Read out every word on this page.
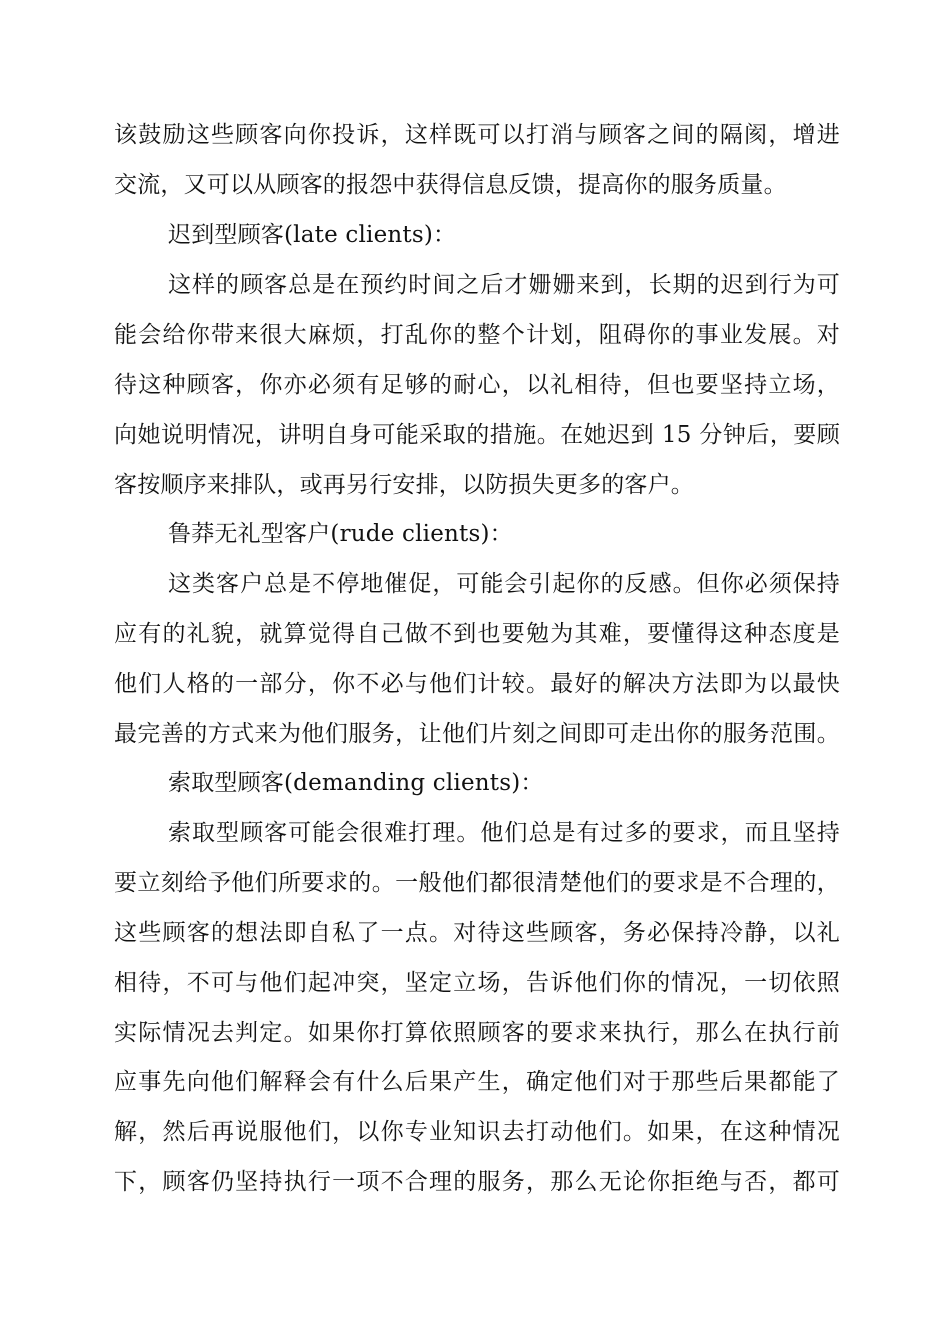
该鼓励这些顾客向你投诉，这样既可以打消与顾客之间的隔阂，增进
交流，又可以从顾客的报怨中获得信息反馈，提高你的服务质量。
迟到型顾客(late clients)：
这样的顾客总是在预约时间之后才姗姗来到，长期的迟到行为可
能会给你带来很大麻烦，打乱你的整个计划，阻碍你的事业发展。对
待这种顾客，你亦必须有足够的耐心，以礼相待，但也要坚持立场，
向她说明情况，讲明自身可能采取的措施。在她迟到 15 分钟后，要顾
客按顺序来排队，或再另行安排，以防损失更多的客户。
鲁莽无礼型客户(rude clients)：
这类客户总是不停地催促，可能会引起你的反感。但你必须保持
应有的礼貌，就算觉得自己做不到也要勉为其难，要懂得这种态度是
他们人格的一部分，你不必与他们计较。最好的解决方法即为以最快
最完善的方式来为他们服务，让他们片刻之间即可走出你的服务范围。
索取型顾客(demanding clients)：
索取型顾客可能会很难打理。他们总是有过多的要求，而且坚持
要立刻给予他们所要求的。一般他们都很清楚他们的要求是不合理的，
这些顾客的想法即自私了一点。对待这些顾客，务必保持冷静，以礼
相待，不可与他们起冲突，坚定立场，告诉他们你的情况，一切依照
实际情况去判定。如果你打算依照顾客的要求来执行，那么在执行前
应事先向他们解释会有什么后果产生，确定他们对于那些后果都能了
解，然后再说服他们，以你专业知识去打动他们。如果，在这种情况
下，顾客仍坚持执行一项不合理的服务，那么无论你拒绝与否，都可
